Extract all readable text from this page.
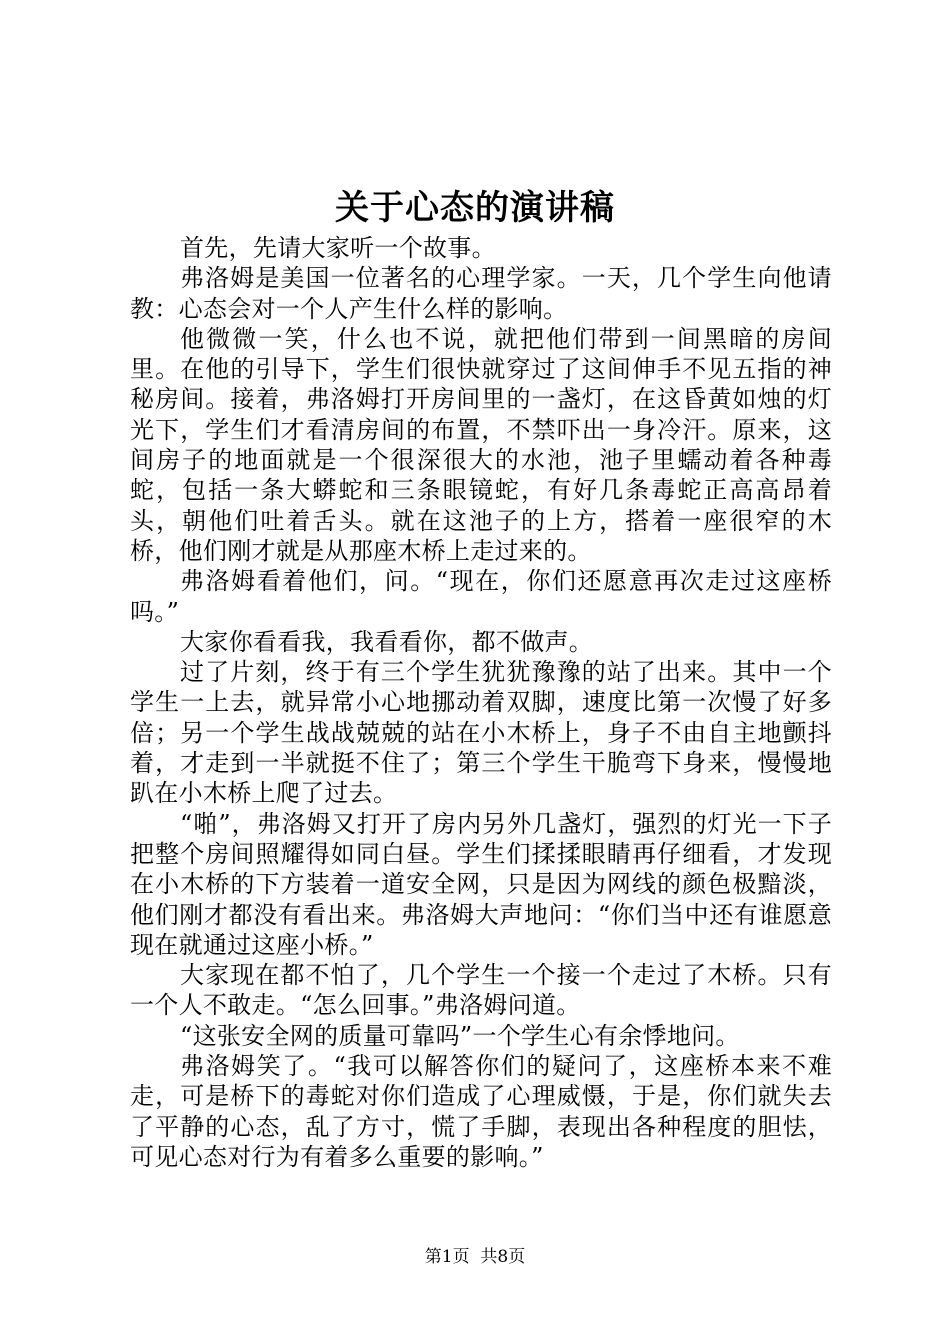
关于心态的演讲稿

首先，先请大家听一个故事。

弗洛姆是美国一位著名的心理学家。一天，几个学生向他请教：心态会对一个人产生什么样的影响。

他微微一笑，什么也不说，就把他们带到一间黑暗的房间里。在他的引导下，学生们很快就穿过了这间伸手不见五指的神秘房间。接着，弗洛姆打开房间里的一盏灯，在这昏黄如烛的灯光下，学生们才看清房间的布置，不禁吓出一身冷汗。原来，这间房子的地面就是一个很深很大的水池，池子里蠕动着各种毒蛇，包括一条大蟒蛇和三条眼镜蛇，有好几条毒蛇正高高昂着头，朝他们吐着舌头。就在这池子的上方，搭着一座很窄的木桥，他们刚才就是从那座木桥上走过来的。

弗洛姆看着他们，问。“现在，你们还愿意再次走过这座桥吗。”

大家你看看我，我看看你，都不做声。

过了片刻，终于有三个学生犹犹豫豫的站了出来。其中一个学生一上去，就异常小心地挪动着双脚，速度比第一次慢了好多倍；另一个学生战战兢兢的站在小木桥上，身子不由自主地颤抖着，才走到一半就挺不住了；第三个学生干脆弯下身来，慢慢地趴在小木桥上爬了过去。

“啪”，弗洛姆又打开了房内另外几盏灯，强烈的灯光一下子把整个房间照耀得如同白昼。学生们揉揉眼睛再仔细看，才发现在小木桥的下方装着一道安全网，只是因为网线的颜色极黯淡，他们刚才都没有看出来。弗洛姆大声地问：“你们当中还有谁愿意现在就通过这座小桥。”

大家现在都不怕了，几个学生一个接一个走过了木桥。只有一个人不敢走。“怎么回事。”弗洛姆问道。

“这张安全网的质量可靠吗”一个学生心有余悸地问。

弗洛姆笑了。“我可以解答你们的疑问了，这座桥本来不难走，可是桥下的毒蛇对你们造成了心理威慑，于是，你们就失去了平静的心态，乱了方寸，慌了手脚，表现出各种程度的胆怯，可见心态对行为有着多么重要的影响。”

第1页  共8页
